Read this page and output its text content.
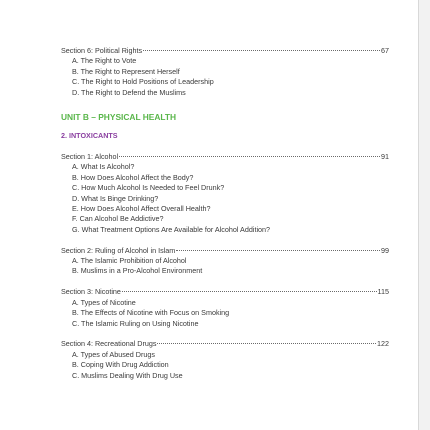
Section 6: Political Rights	67
A. The Right to Vote
B. The Right to Represent Herself
C. The Right to Hold Positions of Leadership
D. The Right to Defend the Muslims
UNIT B – PHYSICAL HEALTH
2. INTOXICANTS
Section 1: Alcohol	91
A. What Is Alcohol?
B. How Does Alcohol Affect the Body?
C. How Much Alcohol Is Needed to Feel Drunk?
D. What Is Binge Drinking?
E. How Does Alcohol Affect Overall Health?
F. Can Alcohol Be Addictive?
G. What Treatment Options Are Available for Alcohol Addition?
Section 2: Ruling of Alcohol in Islam	99
A. The Islamic Prohibition of Alcohol
B. Muslims in a Pro-Alcohol Environment
Section 3: Nicotine	115
A. Types of Nicotine
B. The Effects of Nicotine with Focus on Smoking
C. The Islamic Ruling on Using Nicotine
Section 4: Recreational Drugs	122
A. Types of Abused Drugs
B. Coping With Drug Addiction
C. Muslims Dealing With Drug Use
